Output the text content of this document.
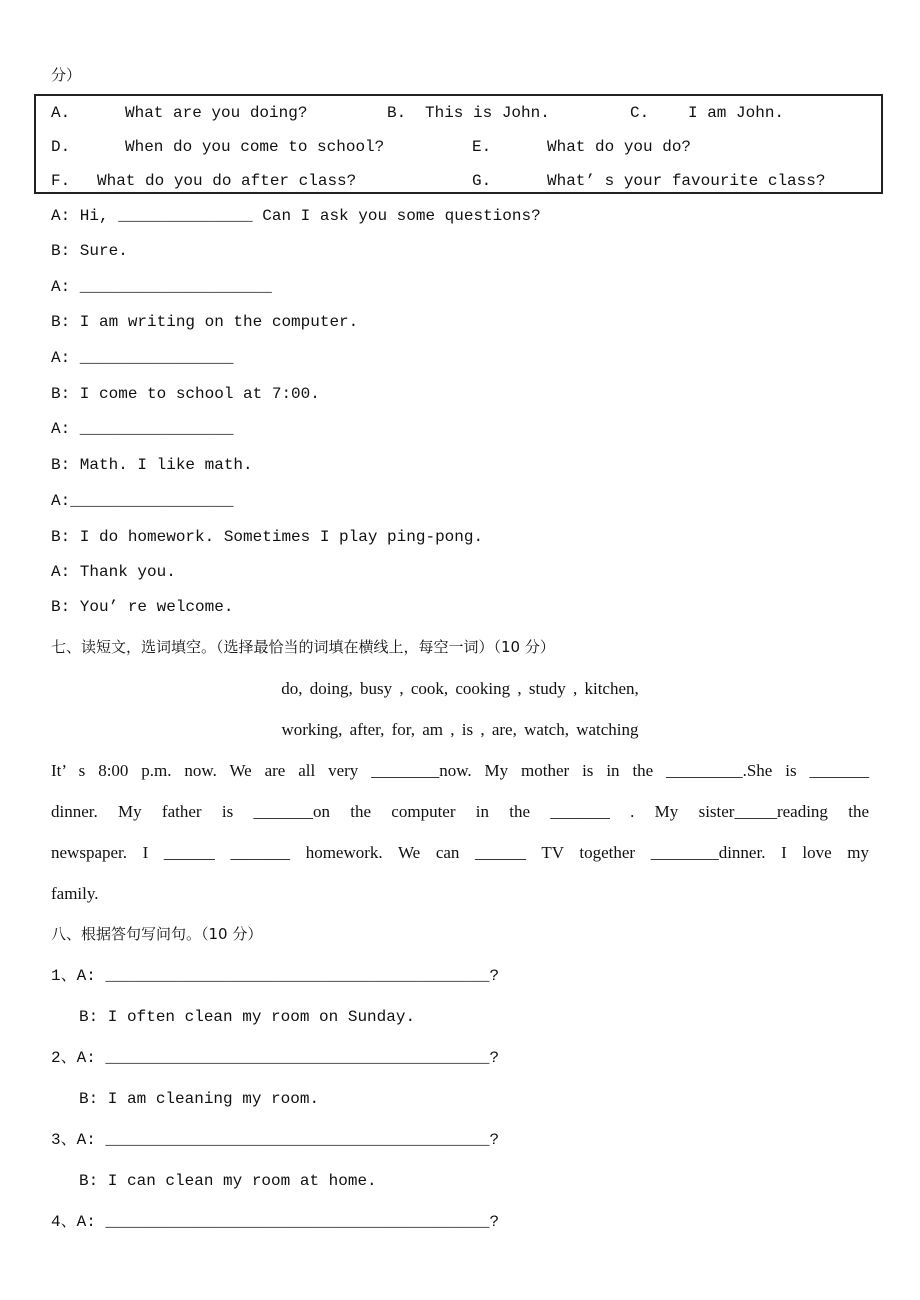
分）
A.	What are you doing?	B. This is John.	C. I am John.
D.	When do you come to school?	E.	What do you do?
F. What do you do after class?	G.	What’ s your favourite class?
A: Hi, ______________ Can I ask you some questions?
B: Sure.
A: ____________________
B: I am writing on the computer.
A: ________________
B: I come to school at 7:00.
A: ________________
B: Math. I like math.
A:_________________
B: I do homework. Sometimes I play ping-pong.
A: Thank you.
B: You’ re welcome.
七、读短文，选词填空。（选择最恰当的词填在横线上，每空一词）（10 分）
do, doing, busy , cook, cooking , study , kitchen,
working, after, for, am , is , are, watch, watching
It’ s 8:00 p.m. now. We are all very ________now. My mother is in the _________.She is _______
dinner. My father is _______on the computer in the _______ . My sister_____reading the
newspaper. I ______ _______ homework. We can ______ TV together ________dinner. I love my
family.
八、根据答句写问句。（10 分）
1、A: ________________________________________?
B: I often clean my room on Sunday.
2、A: ________________________________________?
B: I am cleaning my room.
3、A: ________________________________________?
B: I can clean my room at home.
4、A: ________________________________________?
